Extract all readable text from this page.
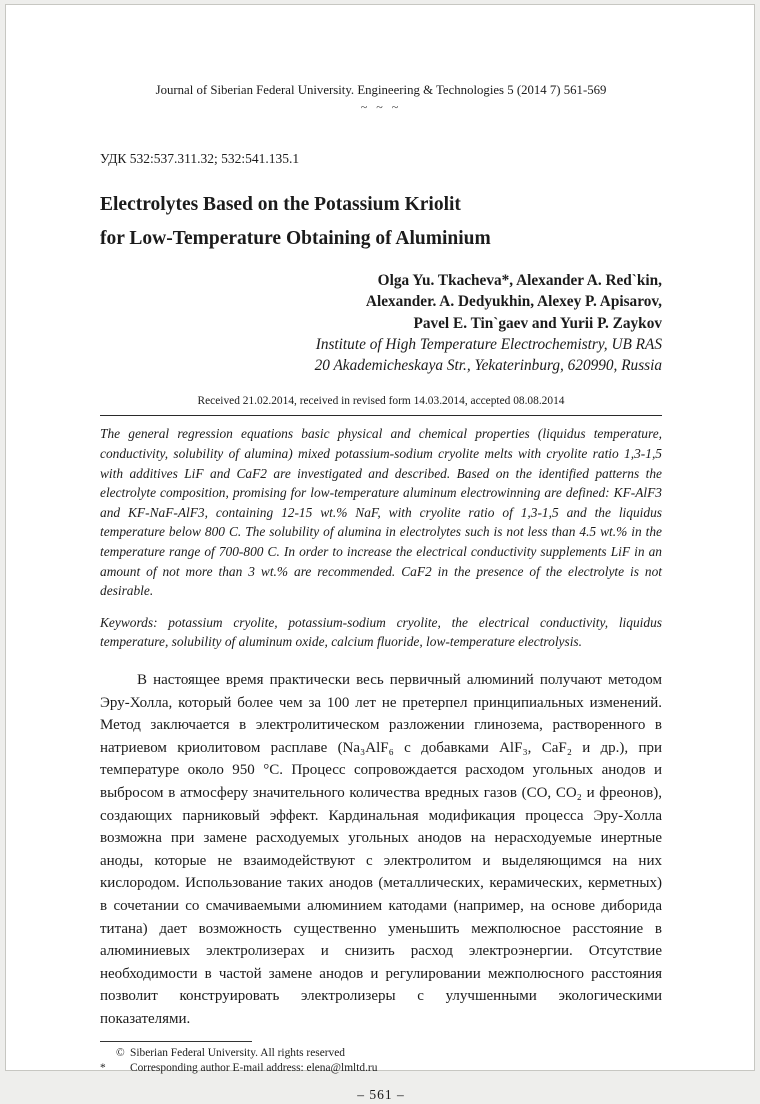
Journal of Siberian Federal University. Engineering & Technologies 5 (2014 7) 561-569
~ ~ ~
УДК 532:537.311.32; 532:541.135.1
Electrolytes Based on the Potassium Kriolit
for Low-Temperature Obtaining of Aluminium
Olga Yu. Tkacheva*, Alexander A. Red`kin,
Alexander. A. Dedyukhin, Alexey P. Apisarov,
Pavel E. Tin`gaev and Yurii P. Zaykov
Institute of High Temperature Electrochemistry, UB RAS
20 Akademicheskaya Str., Yekaterinburg, 620990, Russia
Received 21.02.2014, received in revised form 14.03.2014, accepted 08.08.2014

The general regression equations basic physical and chemical properties (liquidus temperature, conductivity, solubility of alumina) mixed potassium-sodium cryolite melts with cryolite ratio 1,3-1,5 with additives LiF and CaF2 are investigated and described. Based on the identified patterns the electrolyte composition, promising for low-temperature aluminum electrowinning are defined: KF-AlF3 and KF-NaF-AlF3, containing 12-15 wt.% NaF, with cryolite ratio of 1,3-1,5 and the liquidus temperature below 800 C. The solubility of alumina in electrolytes such is not less than 4.5 wt.% in the temperature range of 700-800 C. In order to increase the electrical conductivity supplements LiF in an amount of not more than 3 wt.% are recommended. CaF2 in the presence of the electrolyte is not desirable.

Keywords: potassium cryolite, potassium-sodium cryolite, the electrical conductivity, liquidus temperature, solubility of aluminum oxide, calcium fluoride, low-temperature electrolysis.

В настоящее время практически весь первичный алюминий получают методом Эру-Холла, который более чем за 100 лет не претерпел принципиальных изменений. Метод заключается в электролитическом разложении глинозема, растворенного в натриевом криолитовом расплаве (Na₃AlF₆ с добавками AlF₃, CaF₂ и др.), при температуре около 950 °С. Процесс сопровождается расходом угольных анодов и выбросом в атмосферу значительного количества вредных газов (СО, СО₂ и фреонов), создающих парниковый эффект. Кардинальная модификация процесса Эру-Холла возможна при замене расходуемых угольных анодов на нерасходуемые инертные аноды, которые не взаимодействуют с электролитом и выделяющимся на них кислородом. Использование таких анодов (металлических, керамических, керметных) в сочетании со смачиваемыми алюминием катодами (например, на основе диборида титана) дает возможность существенно уменьшить межполюсное расстояние в алюминиевых электролизерах и снизить расход электроэнергии. Отсутствие необходимости в частой замене анодов и регулировании межполюсного расстояния позволит конструировать электролизеры с улучшенными экологическими показателями.

© Siberian Federal University. All rights reserved
*	Corresponding author E-mail address: elena@lmltd.ru
– 561 –
